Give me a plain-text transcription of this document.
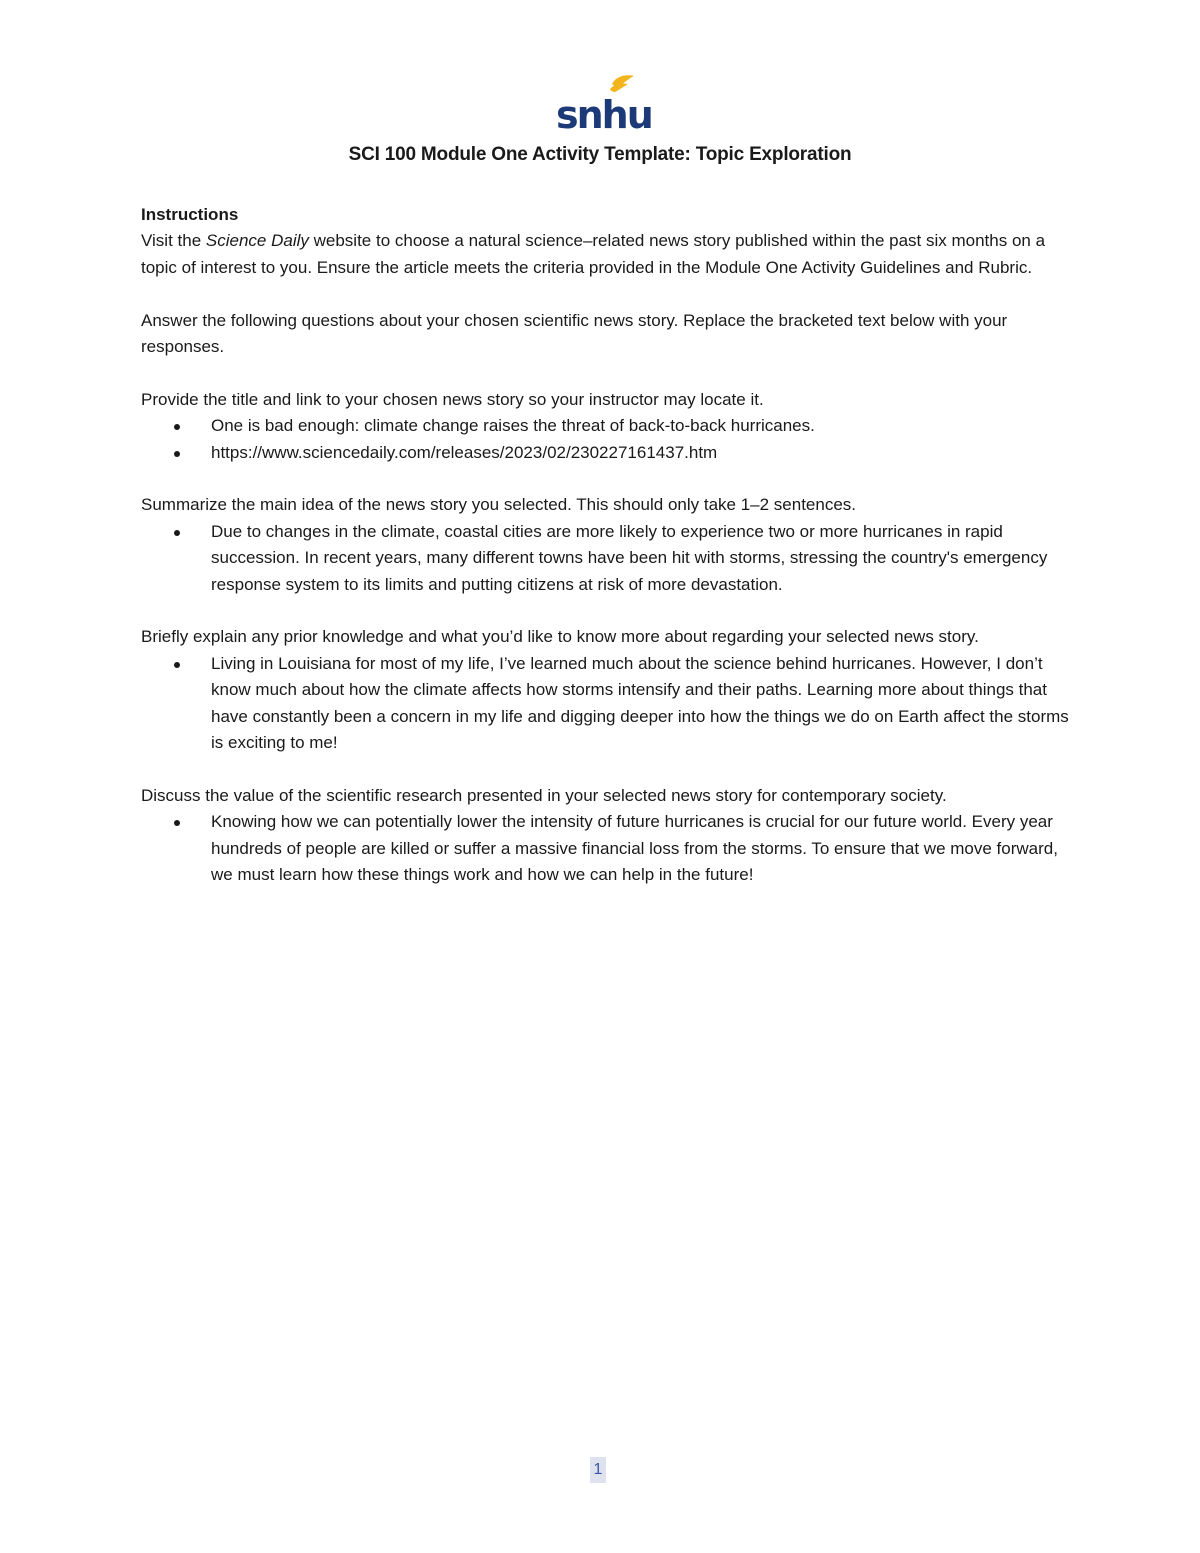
snhu
SCI 100 Module One Activity Template: Topic Exploration

Instructions

Visit the Science Daily website to choose a natural science–related news story published within the past six months on a topic of interest to you. Ensure the article meets the criteria provided in the Module One Activity Guidelines and Rubric.

Answer the following questions about your chosen scientific news story. Replace the bracketed text below with your responses.

Provide the title and link to your chosen news story so your instructor may locate it.

One is bad enough: climate change raises the threat of back-to-back hurricanes.
https://www.sciencedaily.com/releases/2023/02/230227161437.htm

Summarize the main idea of the news story you selected. This should only take 1–2 sentences.

Due to changes in the climate, coastal cities are more likely to experience two or more hurricanes in rapid succession. In recent years, many different towns have been hit with storms, stressing the country's emergency response system to its limits and putting citizens at risk of more devastation.

Briefly explain any prior knowledge and what you’d like to know more about regarding your selected news story.

Living in Louisiana for most of my life, I’ve learned much about the science behind hurricanes. However, I don’t know much about how the climate affects how storms intensify and their paths. Learning more about things that have constantly been a concern in my life and digging deeper into how the things we do on Earth affect the storms is exciting to me!

Discuss the value of the scientific research presented in your selected news story for contemporary society.

Knowing how we can potentially lower the intensity of future hurricanes is crucial for our future world. Every year hundreds of people are killed or suffer a massive financial loss from the storms. To ensure that we move forward, we must learn how these things work and how we can help in the future!
1
